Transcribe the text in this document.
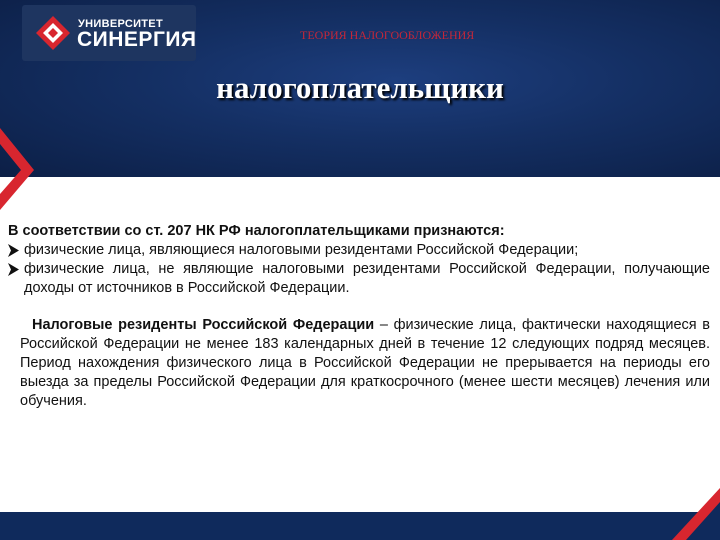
УНИВЕРСИТЕТ
СИНЕРГИЯ	ТЕОРИЯ НАЛОГООБЛОЖЕНИЯ
налогоплательщики

В соответствии со ст. 207 НК РФ налогоплательщиками признаются:

физические лица, являющиеся налоговыми резидентами Российской Федерации;
физические лица, не являющие налоговыми резидентами Российской Федерации, получающие доходы от источников в Российской Федерации.

Налоговые резиденты Российской Федерации – физические лица, фактически находящиеся в Российской Федерации не менее 183 календарных дней в течение 12 следующих подряд месяцев. Период нахождения физического лица в Российской Федерации не прерывается на периоды его выезда за пределы Российской Федерации для краткосрочного (менее шести месяцев) лечения или обучения.
